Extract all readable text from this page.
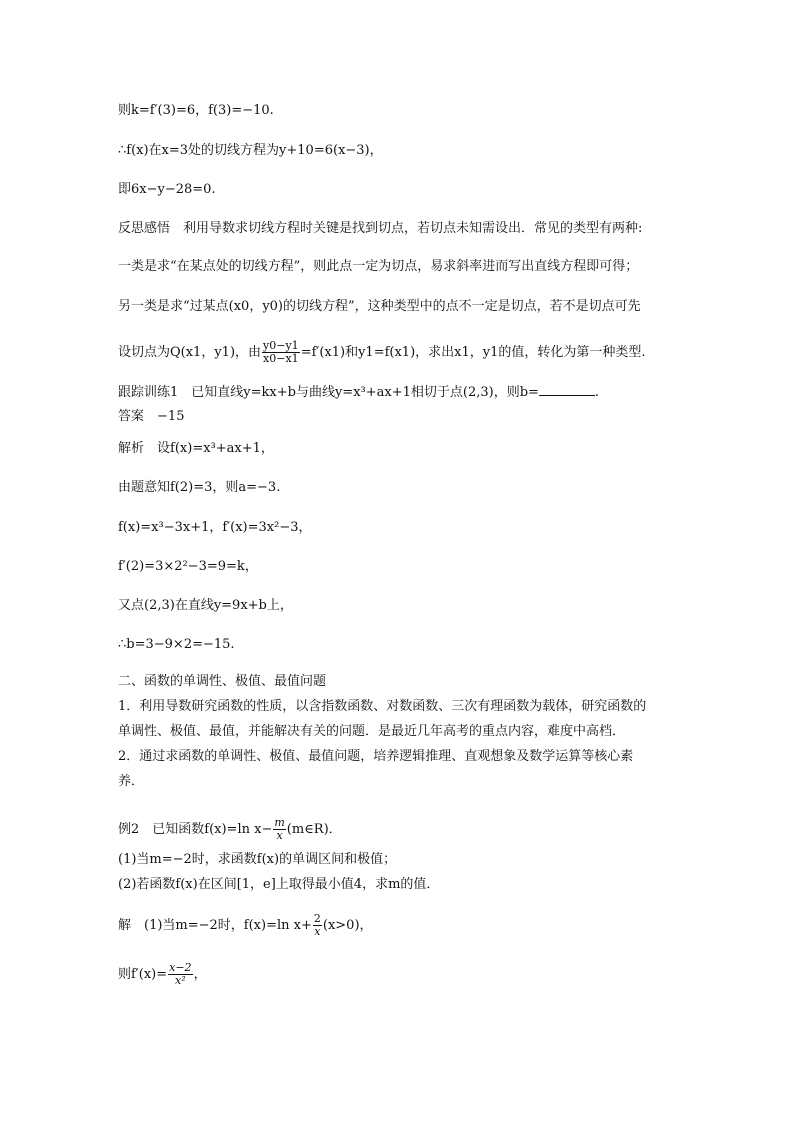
则k=f′(3)=6，f(3)=−10.
∴f(x)在x=3处的切线方程为y+10=6(x−3)，
即6x−y−28=0.
反思感悟　 利用导数求切线方程时关键是找到切点，若切点未知需设出．常见的类型有两种:
一类是求“在某点处的切线方程”，则此点一定为切点，易求斜率进而写出直线方程即可得；
另一类是求“过某点(x0，y0)的切线方程”，这种类型中的点不一定是切点，若不是切点可先
设切点为Q(x1，y1)，由 $\frac{y0-y1}{x0-x1} =f'(x1)$和y1=f(x1)，求出x1，y1的值，转化为第一种类型.
跟踪训练1　 已知直线y=kx+b与曲线y=x³+ax+1相切于点(2,3)，则b=	.
答案　 −15
解析　 设f(x)=x³+ax+1，
由题意知f(2)=3，则a=−3.
f(x)=x³−3x+1，f′(x)=3x²−3，
f′(2)=3×2²−3=9=k，
又点(2,3)在直线y=9x+b上，
∴b=3−9×2=−15.
二、函数的单调性、极值、最值问题
1．利用导数研究函数的性质，以含指数函数、对数函数、三次有理函数为载体，研究函数的
单调性、极值、最值，并能解决有关的问题．是最近几年高考的重点内容，难度中高档．
2．通过求函数的单调性、极值、最值问题，培养逻辑推理、直观想象及数学运算等核心素
养．
例2　已知函数f(x)=ln $x- \frac{m}{x}$ (m∈R)．
(1)当m=−2时，求函数f(x)的单调区间和极值；
(2)若函数f(x)在区间[1，e]上取得最小值4，求m的值．
解　(1)当m=−2时，f(x)=ln $x+ \frac{2}{x} (x>0)$，
则$f'(x)= \frac{x-2}{\text{x²}}$ ，
